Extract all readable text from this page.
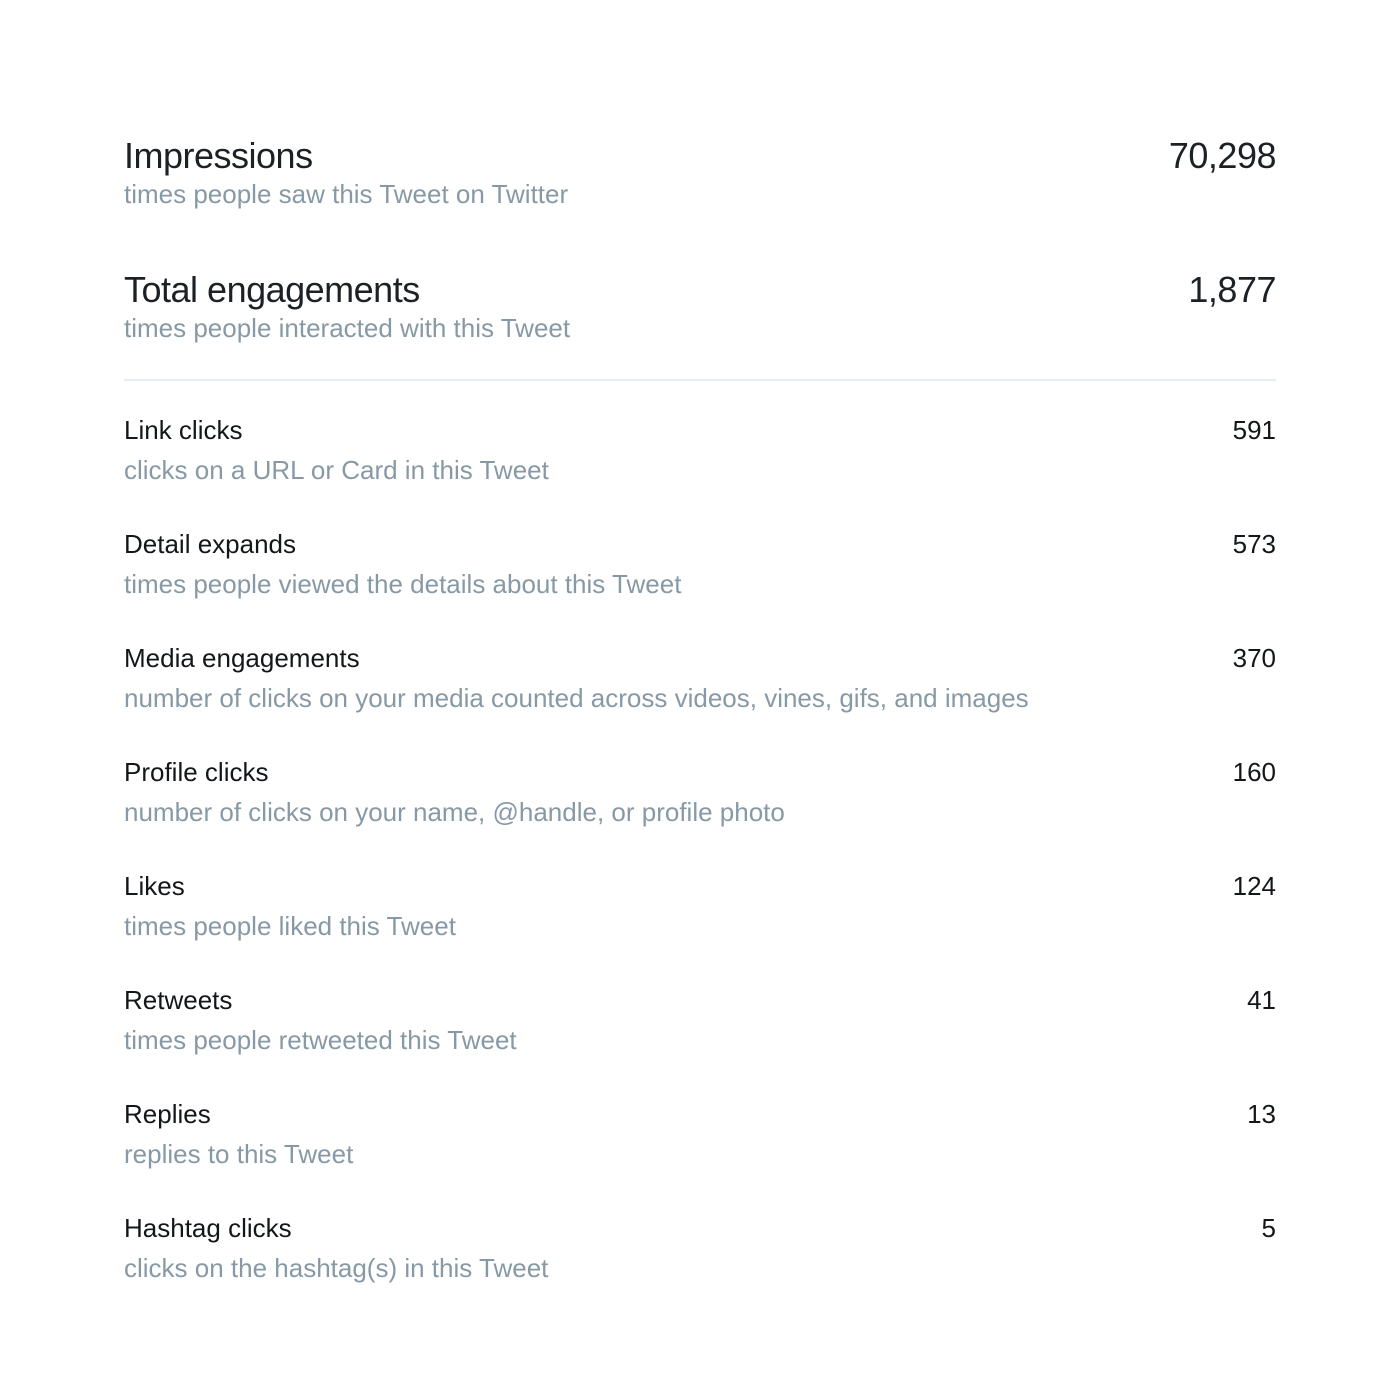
Impressions	70,298
times people saw this Tweet on Twitter
Total engagements	1,877
times people interacted with this Tweet
Link clicks	591
clicks on a URL or Card in this Tweet
Detail expands	573
times people viewed the details about this Tweet
Media engagements	370
number of clicks on your media counted across videos, vines, gifs, and images
Profile clicks	160
number of clicks on your name, @handle, or profile photo
Likes	124
times people liked this Tweet
Retweets	41
times people retweeted this Tweet
Replies	13
replies to this Tweet
Hashtag clicks	5
clicks on the hashtag(s) in this Tweet
